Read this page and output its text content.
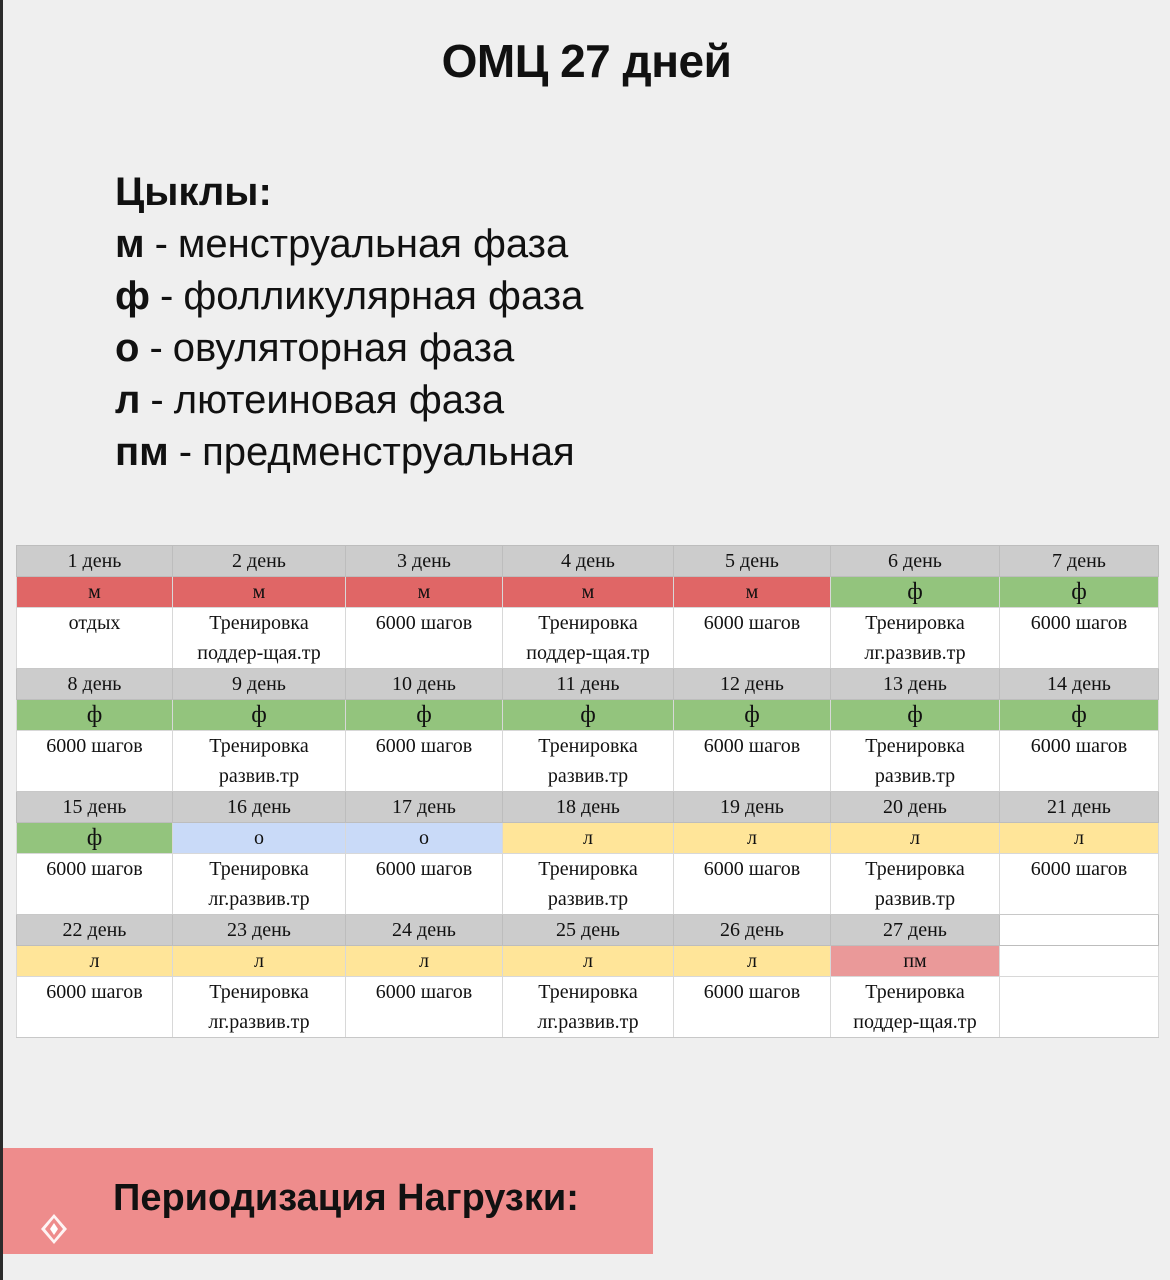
ОМЦ 27 дней
Цыклы:
м - менструальная фаза
ф - фолликулярная фаза
о - овуляторная фаза
л - лютеиновая фаза
пм - предменструальная
1 день	2 день	3 день	4 день	5 день	6 день	7 день
м	м	м	м	м	ф	ф
отдых	Тренировка	6000 шагов	Тренировка	6000 шагов	Тренировка	6000 шагов
	поддер-щая.тр		поддер-щая.тр		лг.развив.тр	
8 день	9 день	10 день	11 день	12 день	13 день	14 день
ф	ф	ф	ф	ф	ф	ф
6000 шагов	Тренировка	6000 шагов	Тренировка	6000 шагов	Тренировка	6000 шагов
	развив.тр		развив.тр		развив.тр	
15 день	16 день	17 день	18 день	19 день	20 день	21 день
ф	о	о	л	л	л	л
6000 шагов	Тренировка	6000 шагов	Тренировка	6000 шагов	Тренировка	6000 шагов
	лг.развив.тр		развив.тр		развив.тр	
22 день	23 день	24 день	25 день	26 день	27 день	
л	л	л	л	л	пм	
6000 шагов	Тренировка	6000 шагов	Тренировка	6000 шагов	Тренировка	
	лг.развив.тр		лг.развив.тр		поддер-щая.тр	
Периодизация Нагрузки:
